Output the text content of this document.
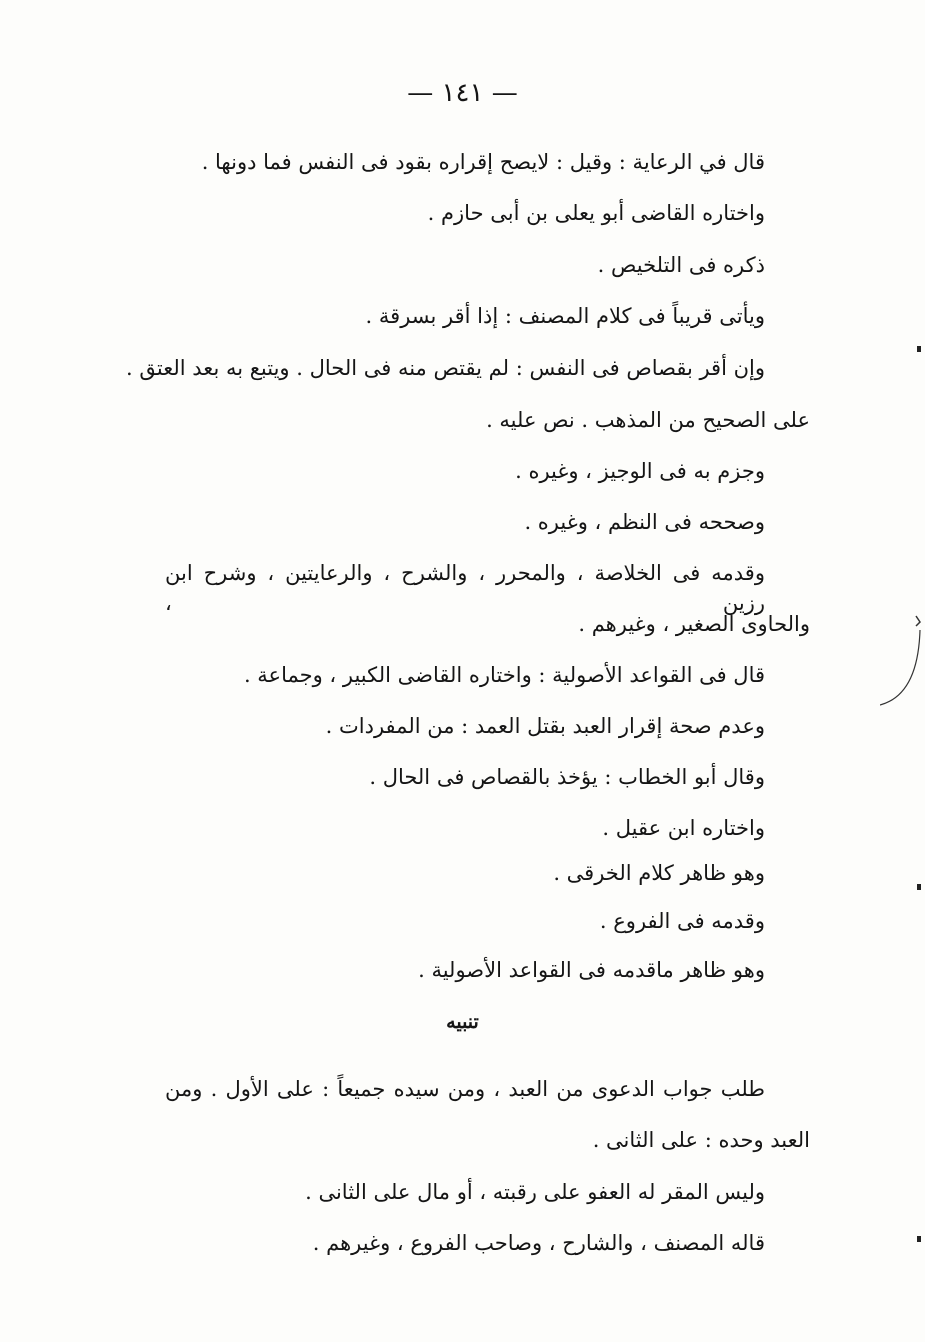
— ١٤١ —
قال في الرعاية : وقيل : لايصح إقراره بقود فى النفس فما دونها .
واختاره القاضى أبو يعلى بن أبى حازم .
ذكره فى التلخيص .
ويأتى قريباً فى كلام المصنف : إذا أقر بسرقة .
وإن أقر بقصاص فى النفس : لم يقتص منه فى الحال . ويتبع به بعد العتق .
على الصحيح من المذهب . نص عليه .
وجزم به فى الوجيز ، وغيره .
وصححه فى النظم ، وغيره .
وقدمه فى الخلاصة ، والمحرر ، والشرح ، والرعايتين ، وشرح ابن رزين ،
والحاوى الصغير ، وغيرهم .
قال فى القواعد الأصولية : واختاره القاضى الكبير ، وجماعة .
وعدم صحة إقرار العبد بقتل العمد : من المفردات .
وقال أبو الخطاب : يؤخذ بالقصاص فى الحال .
واختاره ابن عقيل .
وهو ظاهر كلام الخرقى .
وقدمه فى الفروع .
وهو ظاهر ماقدمه فى القواعد الأصولية .
تنبيه
طلب جواب الدعوى من العبد ، ومن سيده جميعاً : على الأول . ومن
العبد وحده : على الثانى .
وليس المقر له العفو على رقبته ، أو مال على الثانى .
قاله المصنف ، والشارح ، وصاحب الفروع ، وغيرهم .
